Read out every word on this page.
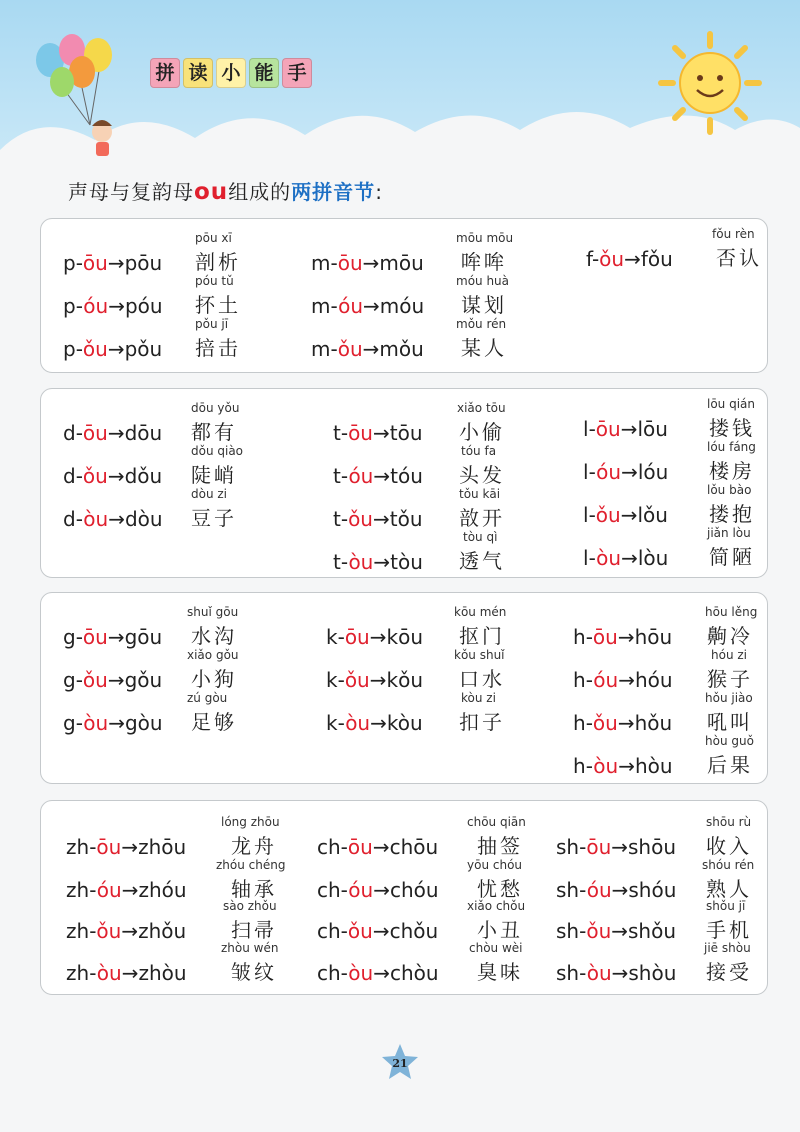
拼 读 小 能 手
声母与复韵母ou组成的两拼音节:
p-ōu→pōu
pōu xī
剖析
p-óu→póu
póu tǔ
抔土
p-ǒu→pǒu
pǒu jī
掊击
m-ōu→mōu
mōu mōu
哞哞
m-óu→móu
móu huà
谋划
m-ǒu→mǒu
mǒu rén
某人
f-ǒu→fǒu
fǒu rèn
否认
d-ōu→dōu
dōu yǒu
都有
d-ǒu→dǒu
dǒu qiào
陡峭
d-òu→dòu
dòu zi
豆子
t-ōu→tōu
xiǎo tōu
小偷
t-óu→tóu
tóu fa
头发
t-ǒu→tǒu
tǒu kāi
敨开
t-òu→tòu
tòu qì
透气
l-ōu→lōu
lōu qián
搂钱
l-óu→lóu
lóu fáng
楼房
l-ǒu→lǒu
lǒu bào
搂抱
l-òu→lòu
jiǎn lòu
简陋
g-ōu→gōu
shuǐ gōu
水沟
g-ǒu→gǒu
xiǎo gǒu
小狗
g-òu→gòu
zú gòu
足够
k-ōu→kōu
kōu mén
抠门
k-ǒu→kǒu
kǒu shuǐ
口水
k-òu→kòu
kòu zi
扣子
h-ōu→hōu
hōu lěng
齁冷
h-óu→hóu
hóu zi
猴子
h-ǒu→hǒu
hǒu jiào
吼叫
h-òu→hòu
hòu guǒ
后果
zh-ōu→zhōu
lóng zhōu
龙舟
zh-óu→zhóu
zhóu chéng
轴承
zh-ǒu→zhǒu
sào zhǒu
扫帚
zh-òu→zhòu
zhòu wén
皱纹
ch-ōu→chōu
chōu qiān
抽签
ch-óu→chóu
yōu chóu
忧愁
ch-ǒu→chǒu
xiǎo chǒu
小丑
ch-òu→chòu
chòu wèi
臭味
sh-ōu→shōu
shōu rù
收入
sh-óu→shóu
shóu rén
熟人
sh-ǒu→shǒu
shǒu jī
手机
sh-òu→shòu
jiē shòu
接受
21
